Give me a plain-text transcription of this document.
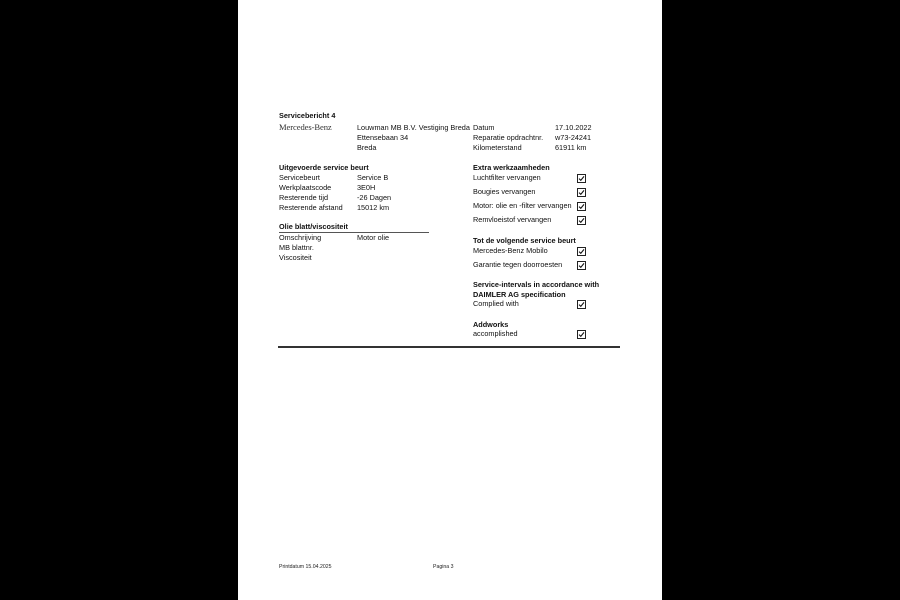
Servicebericht 4
Mercedes-Benz	Louwman MB B.V. Vestiging Breda
Ettensebaan 34
Breda
Datum	17.10.2022
Reparatie opdrachtnr. w73-24241
Kilometerstand	61911 km
Uitgevoerde service beurt
Servicebeurt	Service B
Werkplaatscode	3E0H
Resterende tijd	-26 Dagen
Resterende afstand 15012 km
Olie blatt/viscositeit
Omschrijving	Motor olie
MB blattnr.
Viscositeit
Extra werkzaamheden
Luchtfilter vervangen
Bougies vervangen
Motor: olie en -filter vervangen
Remvloeistof vervangen
Tot de volgende service beurt
Mercedes-Benz Mobilo
Garantie tegen doorroesten
Service-intervals in accordance with
DAIMLER AG specification
Complied with
Addworks
accomplished
Printdatum 15.04.2025	Pagina 3
